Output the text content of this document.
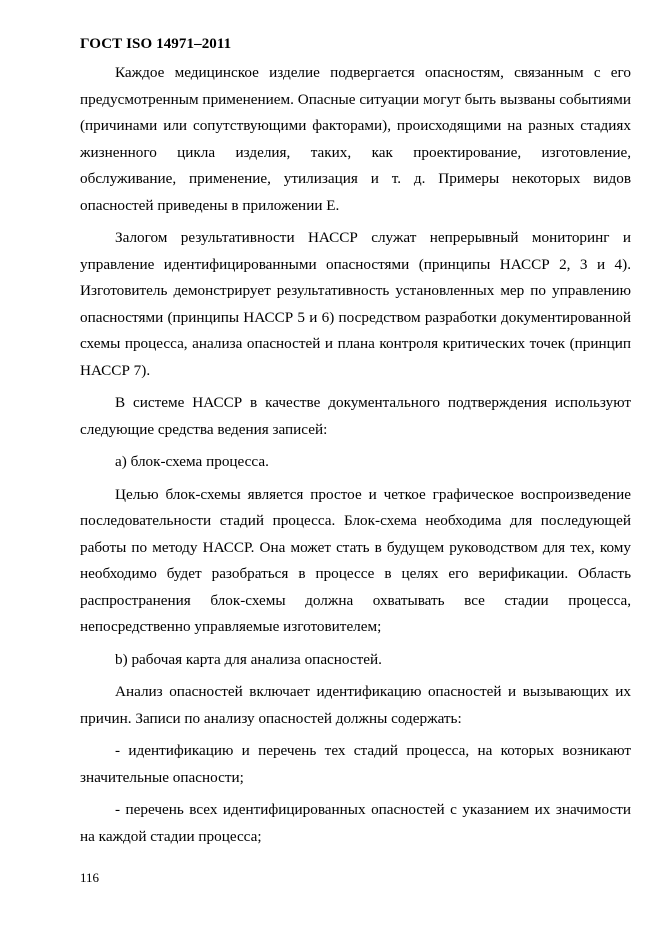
ГОСТ ISO 14971–2011

Каждое медицинское изделие подвергается опасностям, связанным с его предусмотренным применением. Опасные ситуации могут быть вызваны событиями (причинами или сопутствующими факторами), происходящими на разных стадиях жизненного цикла изделия, таких, как проектирование, изготовление, обслуживание, применение, утилизация и т. д. Примеры некоторых видов опасностей приведены в приложении Е.

Залогом результативности НАССР служат непрерывный мониторинг и управление идентифицированными опасностями (принципы НАССР 2, 3 и 4). Изготовитель демонстрирует результативность установленных мер по управлению опасностями (принципы НАССР 5 и 6) посредством разработки документированной схемы процесса, анализа опасностей и плана контроля критических точек (принцип НАССР 7).

В системе НАССР в качестве документального подтверждения используют следующие средства ведения записей:

а) блок-схема процесса.

Целью блок-схемы является простое и четкое графическое воспроизведение последовательности стадий процесса. Блок-схема необходима для последующей работы по методу НАССР. Она может стать в будущем руководством для тех, кому необходимо будет разобраться в процессе в целях его верификации. Область распространения блок-схемы должна охватывать все стадии процесса, непосредственно управляемые изготовителем;

b) рабочая карта для анализа опасностей.

Анализ опасностей включает идентификацию опасностей и вызывающих их причин. Записи по анализу опасностей должны содержать:

- идентификацию и перечень тех стадий процесса, на которых возникают значительные опасности;

- перечень всех идентифицированных опасностей с указанием их значимости на каждой стадии процесса;

116
